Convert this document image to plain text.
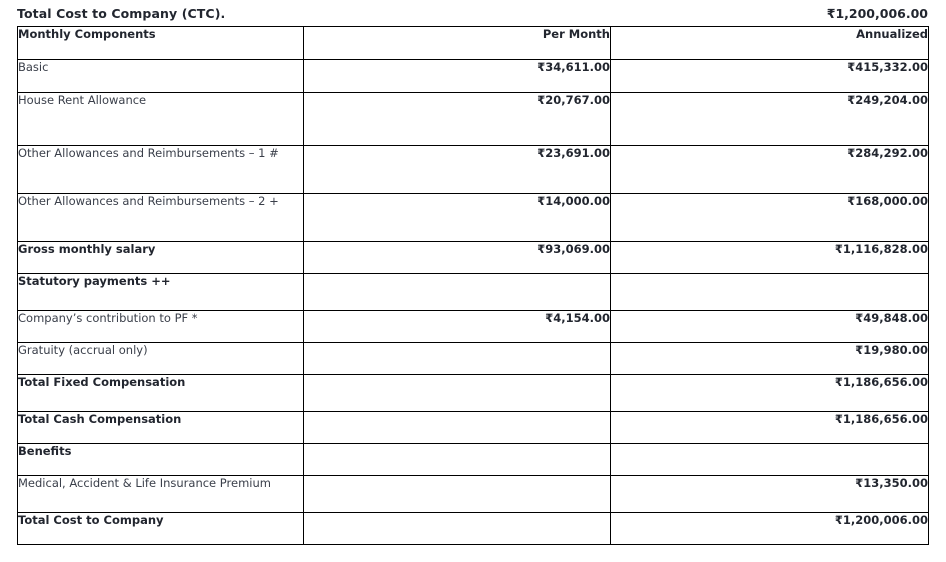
Total Cost to Company (CTC).	₹1,200,006.00
Monthly Components	Per Month	Annualized
Basic	₹34,611.00	₹415,332.00
House Rent Allowance	₹20,767.00	₹249,204.00
Other Allowances and Reimbursements – 1 #	₹23,691.00	₹284,292.00
Other Allowances and Reimbursements – 2 +	₹14,000.00	₹168,000.00
Gross monthly salary	₹93,069.00	₹1,116,828.00
Statutory payments ++		
Company’s contribution to PF *	₹4,154.00	₹49,848.00
Gratuity (accrual only)		₹19,980.00
Total Fixed Compensation		₹1,186,656.00
Total Cash Compensation		₹1,186,656.00
Benefits		
Medical, Accident & Life Insurance Premium		₹13,350.00
Total Cost to Company		₹1,200,006.00
